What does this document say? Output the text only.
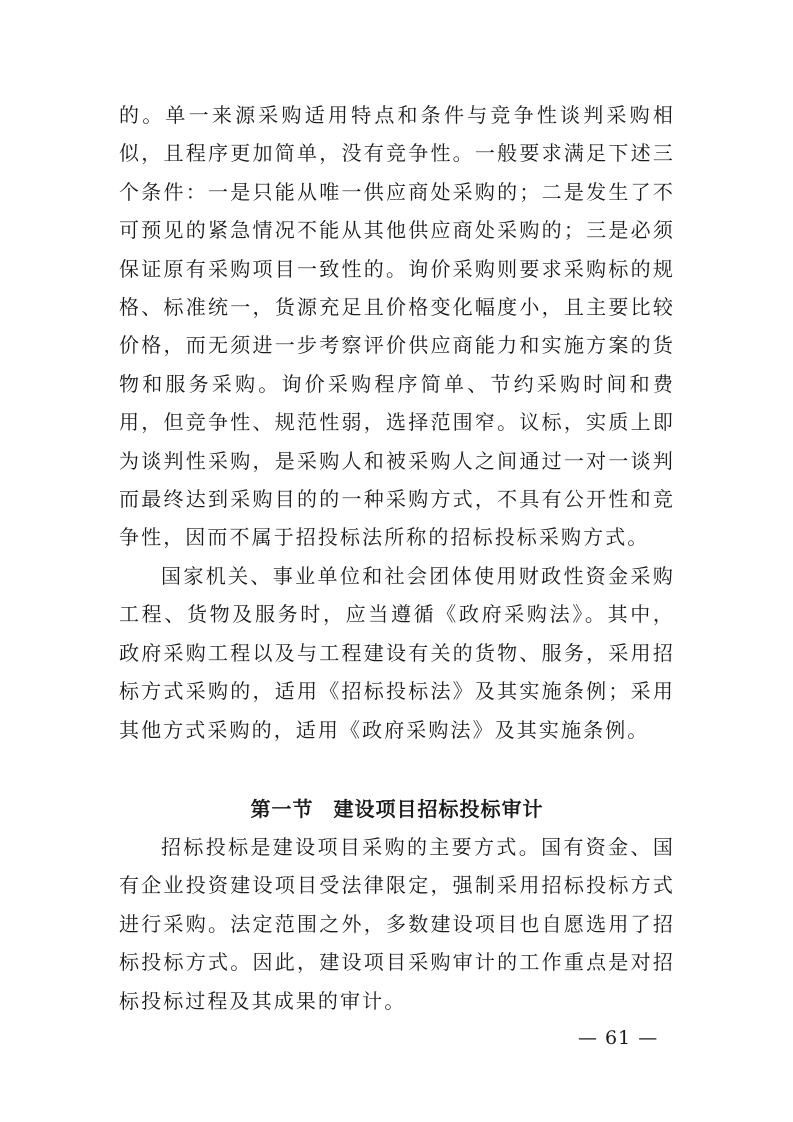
的。单一来源采购适用特点和条件与竞争性谈判采购相似，且程序更加简单，没有竞争性。一般要求满足下述三个条件：一是只能从唯一供应商处采购的；二是发生了不可预见的紧急情况不能从其他供应商处采购的；三是必须保证原有采购项目一致性的。询价采购则要求采购标的规格、标准统一，货源充足且价格变化幅度小，且主要比较价格，而无须进一步考察评价供应商能力和实施方案的货物和服务采购。询价采购程序简单、节约采购时间和费用，但竞争性、规范性弱，选择范围窄。议标，实质上即为谈判性采购，是采购人和被采购人之间通过一对一谈判而最终达到采购目的的一种采购方式，不具有公开性和竞争性，因而不属于招投标法所称的招标投标采购方式。

国家机关、事业单位和社会团体使用财政性资金采购工程、货物及服务时，应当遵循《政府采购法》。其中，政府采购工程以及与工程建设有关的货物、服务，采用招标方式采购的，适用《招标投标法》及其实施条例；采用其他方式采购的，适用《政府采购法》及其实施条例。

第一节 建设项目招标投标审计

招标投标是建设项目采购的主要方式。国有资金、国有企业投资建设项目受法律限定，强制采用招标投标方式进行采购。法定范围之外，多数建设项目也自愿选用了招标投标方式。因此，建设项目采购审计的工作重点是对招标投标过程及其成果的审计。

— 61 —
